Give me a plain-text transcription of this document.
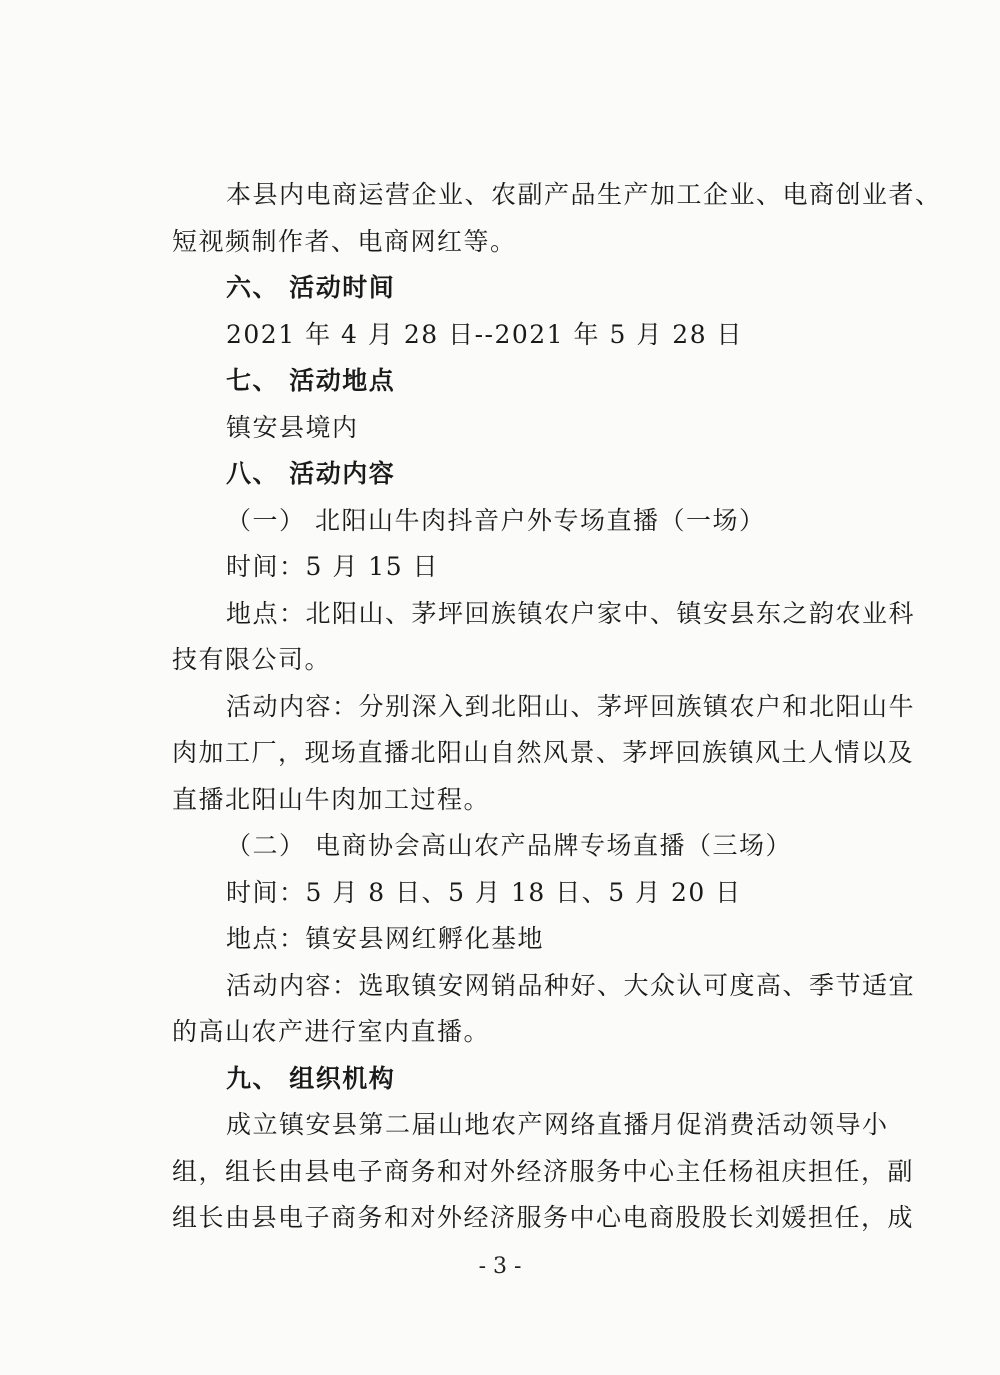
本县内电商运营企业、农副产品生产加工企业、电商创业者、
短视频制作者、电商网红等。
六、 活动时间
2021 年 4 月 28 日--2021 年 5 月 28 日
七、 活动地点
镇安县境内
八、 活动内容
（一） 北阳山牛肉抖音户外专场直播（一场）
时间：5 月 15 日
地点：北阳山、茅坪回族镇农户家中、镇安县东之韵农业科
技有限公司。
活动内容：分别深入到北阳山、茅坪回族镇农户和北阳山牛
肉加工厂，现场直播北阳山自然风景、茅坪回族镇风土人情以及
直播北阳山牛肉加工过程。
（二） 电商协会高山农产品牌专场直播（三场）
时间：5 月 8 日、5 月 18 日、5 月 20 日
地点：镇安县网红孵化基地
活动内容：选取镇安网销品种好、大众认可度高、季节适宜
的高山农产进行室内直播。
九、 组织机构
成立镇安县第二届山地农产网络直播月促消费活动领导小
组，组长由县电子商务和对外经济服务中心主任杨祖庆担任，副
组长由县电子商务和对外经济服务中心电商股股长刘媛担任，成
- 3 -
